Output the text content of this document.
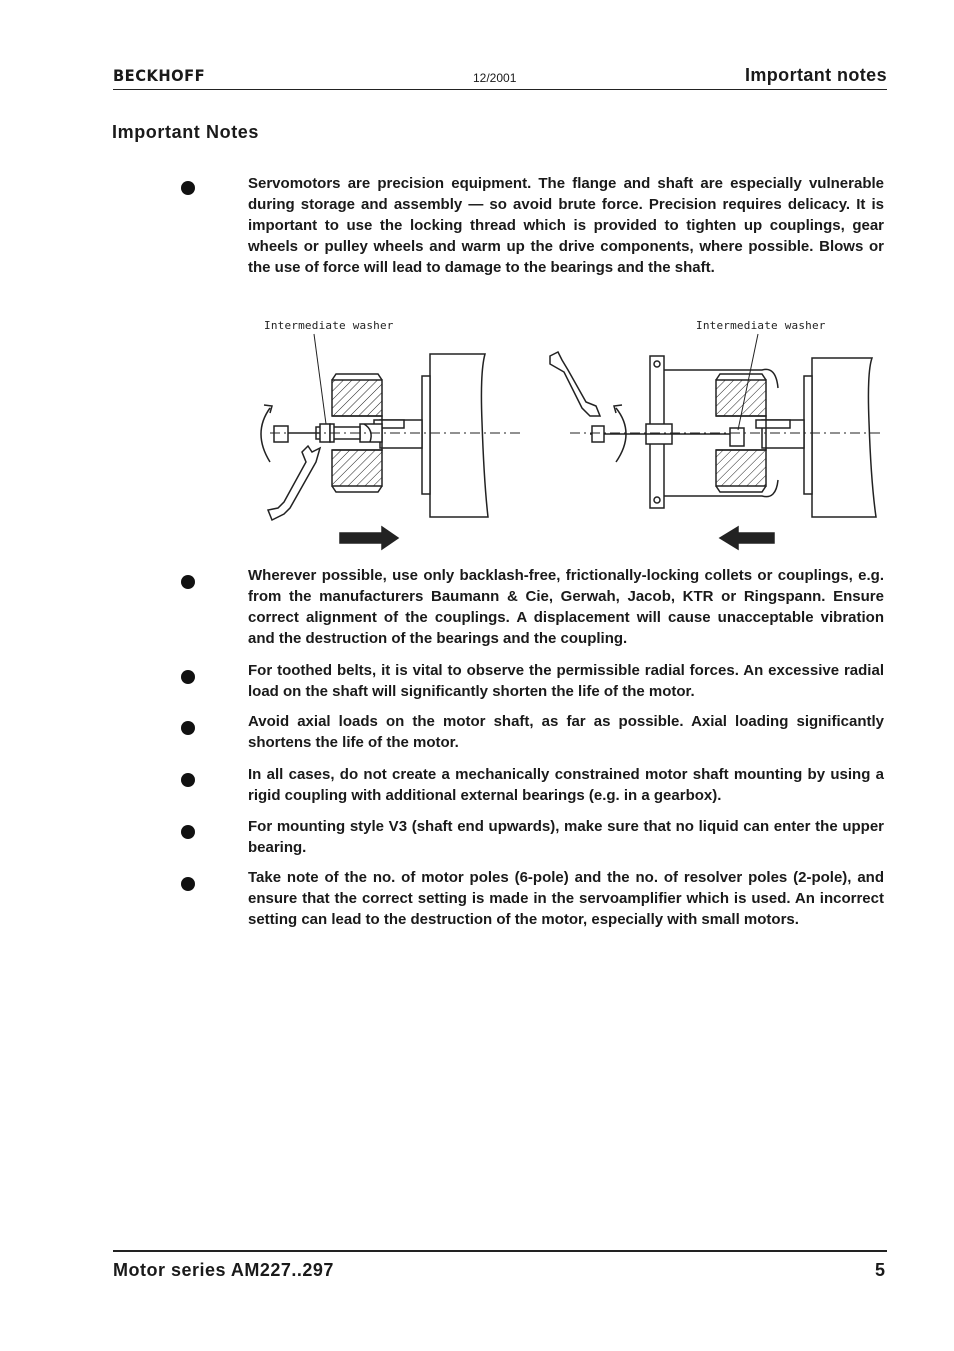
BECKHOFF	12/2001	Important notes
Important Notes

Servomotors are precision equipment. The flange and shaft are especially vulnerable during storage and assembly — so avoid brute force. Precision requires delicacy. It is important to use the locking thread which is provided to tighten up couplings, gear wheels or pulley wheels and warm up the drive components, where possible. Blows or the use of force will lead to damage to the bearings and the shaft.

Intermediate washer	Intermediate washer

Wherever possible, use only backlash-free, frictionally-locking collets or couplings, e.g. from the manufacturers Baumann & Cie, Gerwah, Jacob, KTR or Ringspann. Ensure correct alignment of the couplings. A displacement will cause unacceptable vibration and the destruction of the bearings and the coupling.

For toothed belts, it is vital to observe the permissible radial forces. An excessive radial load on the shaft will significantly shorten the life of the motor.

Avoid axial loads on the motor shaft, as far as possible. Axial loading significantly shortens the life of the motor.

In all cases, do not create a mechanically constrained motor shaft mounting by using a rigid coupling with additional external bearings (e.g. in a gearbox).

For mounting style V3 (shaft end upwards), make sure that no liquid can enter the upper bearing.

Take note of the no. of motor poles (6-pole) and the no. of resolver poles (2-pole), and ensure that the correct setting is made in the servoamplifier which is used. An incorrect setting can lead to the destruction of the motor, especially with small motors.

Motor series AM227..297	5
